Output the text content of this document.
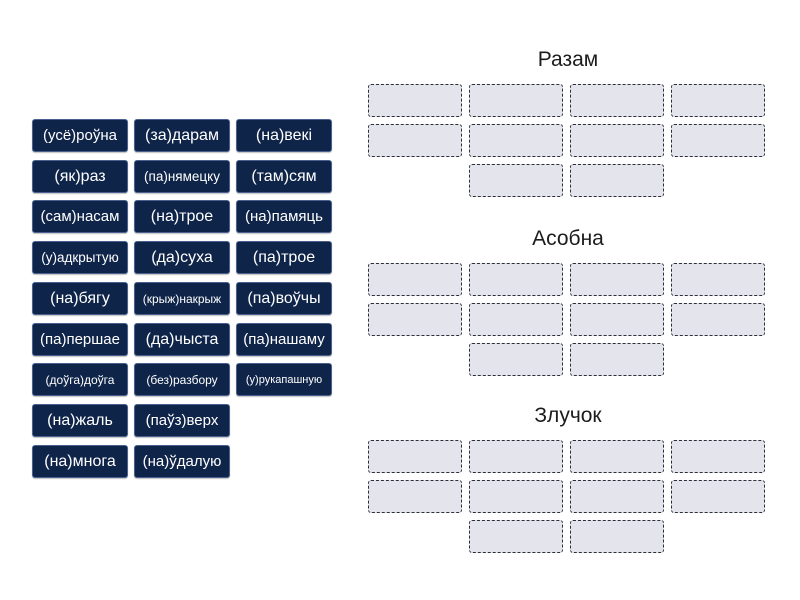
(усё)роўна	(за)дарам	(на)векі
(як)раз	(па)нямецку	(там)сям
(сам)насам	(на)трое	(на)памяць
(у)адкрытую	(да)суха	(па)трое
(на)бягу	(крыж)накрыж	(па)воўчы
(па)першае	(да)чыста	(па)нашаму
(доўга)доўга	(без)разбору	(у)рукапашную
(на)жаль	(паўз)верх
(на)многа	(на)ўдалую
Разам
Асобна
Злучок
